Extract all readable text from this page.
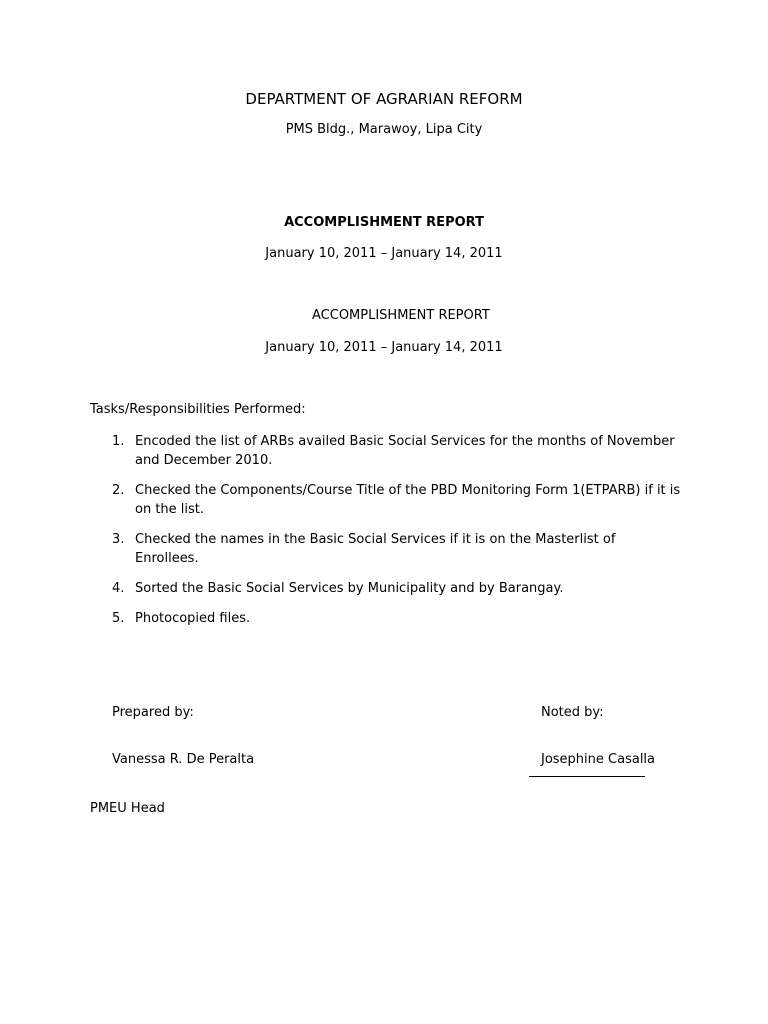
DEPARTMENT OF AGRARIAN REFORM
PMS Bldg., Marawoy, Lipa City
ACCOMPLISHMENT REPORT
January 10, 2011 – January 14, 2011
ACCOMPLISHMENT REPORT
January 10, 2011 – January 14, 2011
Tasks/Responsibilities Performed:
1. Encoded the list of ARBs availed Basic Social Services for the months of November and December 2010.
2. Checked the Components/Course Title of the PBD Monitoring Form 1(ETPARB) if it is on the list.
3. Checked the names in the Basic Social Services if it is on the Masterlist of Enrollees.
4. Sorted the Basic Social Services by Municipality and by Barangay.
5. Photocopied files.
Prepared by:	Noted by:
Vanessa R. De Peralta	Josephine Casalla
PMEU Head
